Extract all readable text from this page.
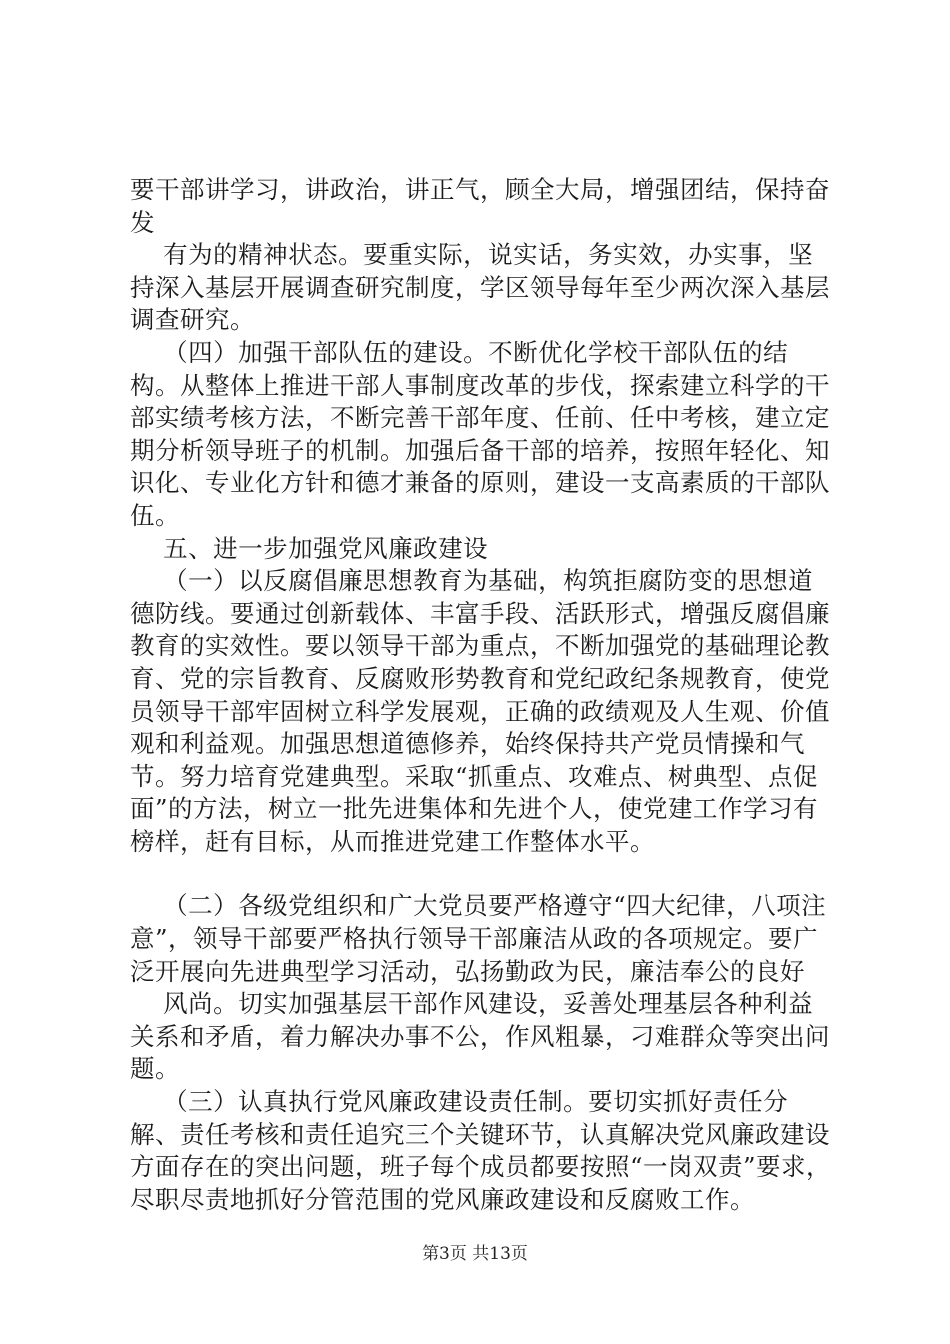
要干部讲学习，讲政治，讲正气，顾全大局，增强团结，保持奋发

有为的精神状态。要重实际，说实话，务实效，办实事，坚持深入基层开展调查研究制度，学区领导每年至少两次深入基层调查研究。

（四）加强干部队伍的建设。不断优化学校干部队伍的结构。从整体上推进干部人事制度改革的步伐，探索建立科学的干部实绩考核方法，不断完善干部年度、任前、任中考核，建立定期分析领导班子的机制。加强后备干部的培养，按照年轻化、知识化、专业化方针和德才兼备的原则，建设一支高素质的干部队伍。

五、进一步加强党风廉政建设

（一）以反腐倡廉思想教育为基础，构筑拒腐防变的思想道德防线。要通过创新载体、丰富手段、活跃形式，增强反腐倡廉教育的实效性。要以领导干部为重点，不断加强党的基础理论教育、党的宗旨教育、反腐败形势教育和党纪政纪条规教育，使党员领导干部牢固树立科学发展观，正确的政绩观及人生观、价值观和利益观。加强思想道德修养，始终保持共产党员情操和气节。努力培育党建典型。采取“抓重点、攻难点、树典型、点促面”的方法，树立一批先进集体和先进个人，使党建工作学习有榜样，赶有目标，从而推进党建工作整体水平。

（二）各级党组织和广大党员要严格遵守“四大纪律，八项注意”，领导干部要严格执行领导干部廉洁从政的各项规定。要广泛开展向先进典型学习活动，弘扬勤政为民，廉洁奉公的良好

风尚。切实加强基层干部作风建设，妥善处理基层各种利益关系和矛盾，着力解决办事不公，作风粗暴，刁难群众等突出问题。

（三）认真执行党风廉政建设责任制。要切实抓好责任分解、责任考核和责任追究三个关键环节，认真解决党风廉政建设方面存在的突出问题，班子每个成员都要按照“一岗双责”要求，尽职尽责地抓好分管范围的党风廉政建设和反腐败工作。

第3页 共13页
